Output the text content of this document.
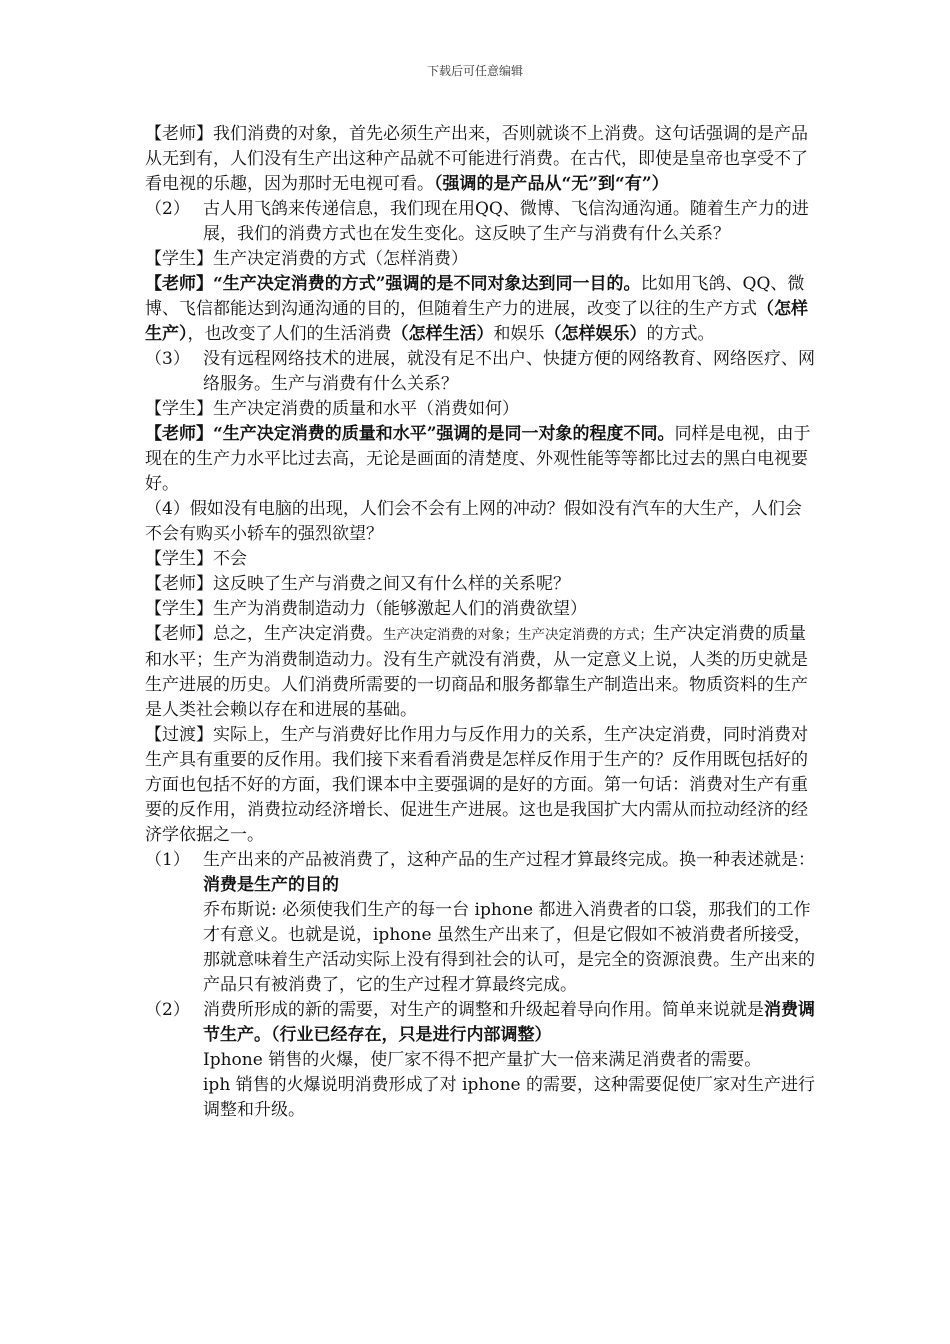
下载后可任意编辑

【老师】我们消费的对象，首先必须生产出来，否则就谈不上消费。这句话强调的是产品从无到有，人们没有生产出这种产品就不可能进行消费。在古代，即使是皇帝也享受不了看电视的乐趣，因为那时无电视可看。（强调的是产品从“无”到“有”）

（2） 古人用飞鸽来传递信息，我们现在用QQ、微博、飞信沟通沟通。随着生产力的进展，我们的消费方式也在发生变化。这反映了生产与消费有什么关系？

【学生】生产决定消费的方式（怎样消费）

【老师】“生产决定消费的方式”强调的是不同对象达到同一目的。比如用飞鸽、QQ、微博、飞信都能达到沟通沟通的目的，但随着生产力的进展，改变了以往的生产方式（怎样生产），也改变了人们的生活消费（怎样生活）和娱乐（怎样娱乐）的方式。

（3） 没有远程网络技术的进展，就没有足不出户、快捷方便的网络教育、网络医疗、网络服务。生产与消费有什么关系？

【学生】生产决定消费的质量和水平（消费如何）

【老师】“生产决定消费的质量和水平”强调的是同一对象的程度不同。同样是电视，由于现在的生产力水平比过去高，无论是画面的清楚度、外观性能等等都比过去的黑白电视要好。

（4）假如没有电脑的出现，人们会不会有上网的冲动？假如没有汽车的大生产，人们会不会有购买小轿车的强烈欲望？

【学生】不会

【老师】这反映了生产与消费之间又有什么样的关系呢？

【学生】生产为消费制造动力（能够激起人们的消费欲望）

【老师】总之，生产决定消费。生产决定消费的对象；生产决定消费的方式；生产决定消费的质量和水平；生产为消费制造动力。没有生产就没有消费，从一定意义上说，人类的历史就是生产进展的历史。人们消费所需要的一切商品和服务都靠生产制造出来。物质资料的生产是人类社会赖以存在和进展的基础。

【过渡】实际上，生产与消费好比作用力与反作用力的关系，生产决定消费，同时消费对生产具有重要的反作用。我们接下来看看消费是怎样反作用于生产的？反作用既包括好的方面也包括不好的方面，我们课本中主要强调的是好的方面。第一句话：消费对生产有重要的反作用，消费拉动经济增长、促进生产进展。这也是我国扩大内需从而拉动经济的经济学依据之一。

（1） 生产出来的产品被消费了，这种产品的生产过程才算最终完成。换一种表述就是：消费是生产的目的

乔布斯说: 必须使我们生产的每一台 iphone 都进入消费者的口袋，那我们的工作才有意义。也就是说，iphone 虽然生产出来了，但是它假如不被消费者所接受，那就意味着生产活动实际上没有得到社会的认可，是完全的资源浪费。生产出来的产品只有被消费了，它的生产过程才算最终完成。

（2） 消费所形成的新的需要，对生产的调整和升级起着导向作用。简单来说就是消费调节生产。（行业已经存在，只是进行内部调整）

Iphone 销售的火爆，使厂家不得不把产量扩大一倍来满足消费者的需要。

iph 销售的火爆说明消费形成了对 iphone 的需要，这种需要促使厂家对生产进行调整和升级。
